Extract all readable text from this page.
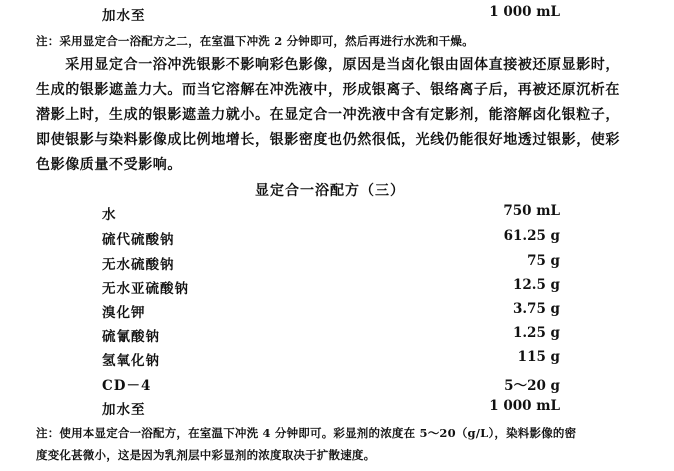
加水至	1 000 mL
注：采用显定合一浴配方之二，在室温下冲洗 2 分钟即可，然后再进行水洗和干燥。
　　采用显定合一浴冲洗银影不影响彩色影像，原因是当卤化银由固体直接被还原显影时，
生成的银影遮盖力大。而当它溶解在冲洗液中，形成银离子、银络离子后，再被还原沉析在
潜影上时，生成的银影遮盖力就小。在显定合一冲洗液中含有定影剂，能溶解卤化银粒子，
即使银影与染料影像成比例地增长，银影密度也仍然很低，光线仍能很好地透过银影，使彩
色影像质量不受影响。
显定合一浴配方（三）
水	750 mL
硫代硫酸钠	61.25 g
无水硫酸钠	75 g
无水亚硫酸钠	12.5 g
溴化钾	3.75 g
硫氰酸钠	1.25 g
氢氧化钠	115 g
CD－4	5～20 g
加水至	1 000 mL
注：使用本显定合一浴配方，在室温下冲洗 4 分钟即可。彩显剂的浓度在 5～20（g/L），染料影像的密
度变化甚微小，这是因为乳剂层中彩显剂的浓度取决于扩散速度。
